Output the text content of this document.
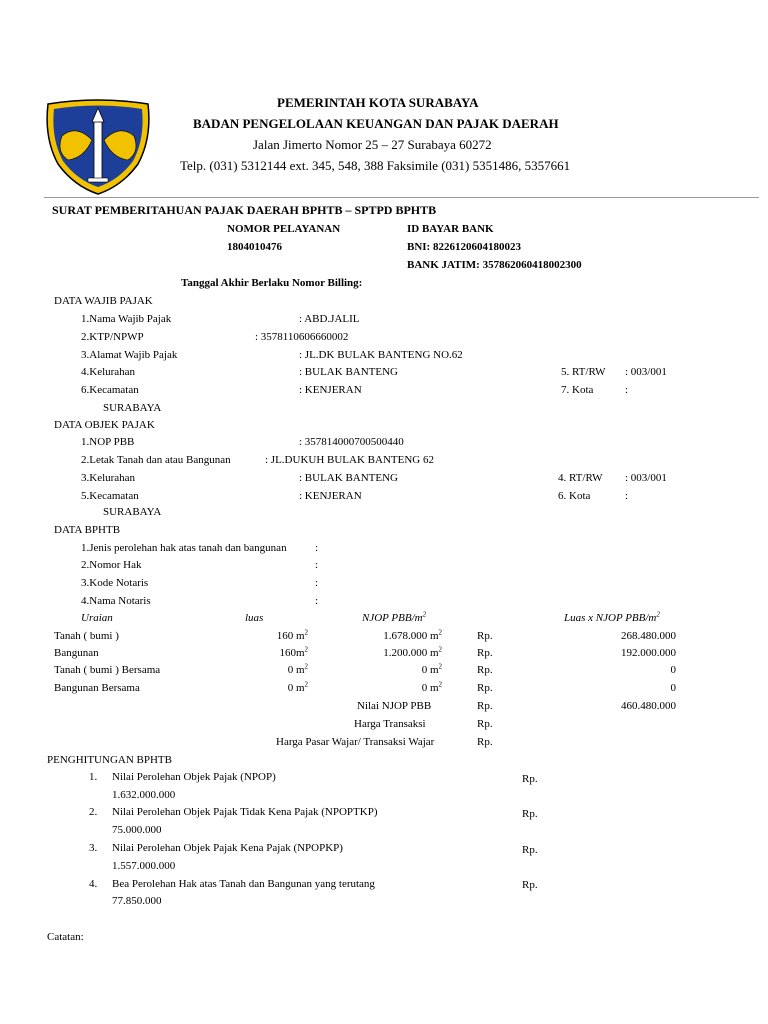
PEMERINTAH KOTA SURABAYA
BADAN PENGELOLAAN KEUANGAN DAN PAJAK DAERAH
Jalan Jimerto Nomor 25 – 27 Surabaya 60272
Telp. (031) 5312144 ext. 345, 548, 388 Faksimile (031) 5351486, 5357661
SURAT PEMBERITAHUAN PAJAK DAERAH BPHTB – SPTPD BPHTB
NOMOR PELAYANAN
1804010476
ID BAYAR BANK
BNI: 8226120604180023
BANK JATIM: 357862060418002300
Tanggal Akhir Berlaku Nomor Billing:
DATA WAJIB PAJAK
1.Nama Wajib Pajak	: ABD.JALIL
2.KTP/NPWP	: 3578110606660002
3.Alamat Wajib Pajak	: JL.DK BULAK BANTENG NO.62
4.Kelurahan	: BULAK BANTENG	5. RT/RW : 003/001
6.Kecamatan	: KENJERAN	7. Kota	:
SURABAYA
DATA OBJEK PAJAK
1.NOP PBB	: 357814000700500440
2.Letak Tanah dan atau Bangunan	: JL.DUKUH BULAK BANTENG 62
3.Kelurahan	: BULAK BANTENG	4. RT/RW : 003/001
5.Kecamatan	: KENJERAN	6. Kota	:
SURABAYA
DATA BPHTB
1.Jenis perolehan hak atas tanah dan bangunan	:
2.Nomor Hak	:
3.Kode Notaris	:
4.Nama Notaris	:
Uraian	luas	NJOP PBB/$m^2$	Luas x NJOP PBB/$m^2$
Tanah ( bumi )	160 $m^2$	1.678.000 $m^2$	Rp.	268.480.000
Bangunan	$160m^2$	1.200.000 $m^2$	Rp.	192.000.000
Tanah ( bumi ) Bersama	0 $m^2$	0 $m^2$	Rp.	0
Bangunan Bersama	0 $m^2$	0 $m^2$	Rp.	0
Nilai NJOP PBB	Rp.	460.480.000
Harga Transaksi	Rp.
Harga Pasar Wajar/ Transaksi Wajar	Rp.
PENGHITUNGAN BPHTB
1. Nilai Perolehan Objek Pajak (NPOP)	Rp.
1.632.000.000
2. Nilai Perolehan Objek Pajak Tidak Kena Pajak (NPOPTKP)	Rp.
75.000.000
3. Nilai Perolehan Objek Pajak Kena Pajak (NPOPKP)	Rp.
1.557.000.000
4. Bea Perolehan Hak atas Tanah dan Bangunan yang terutang	Rp.
77.850.000
Catatan:
